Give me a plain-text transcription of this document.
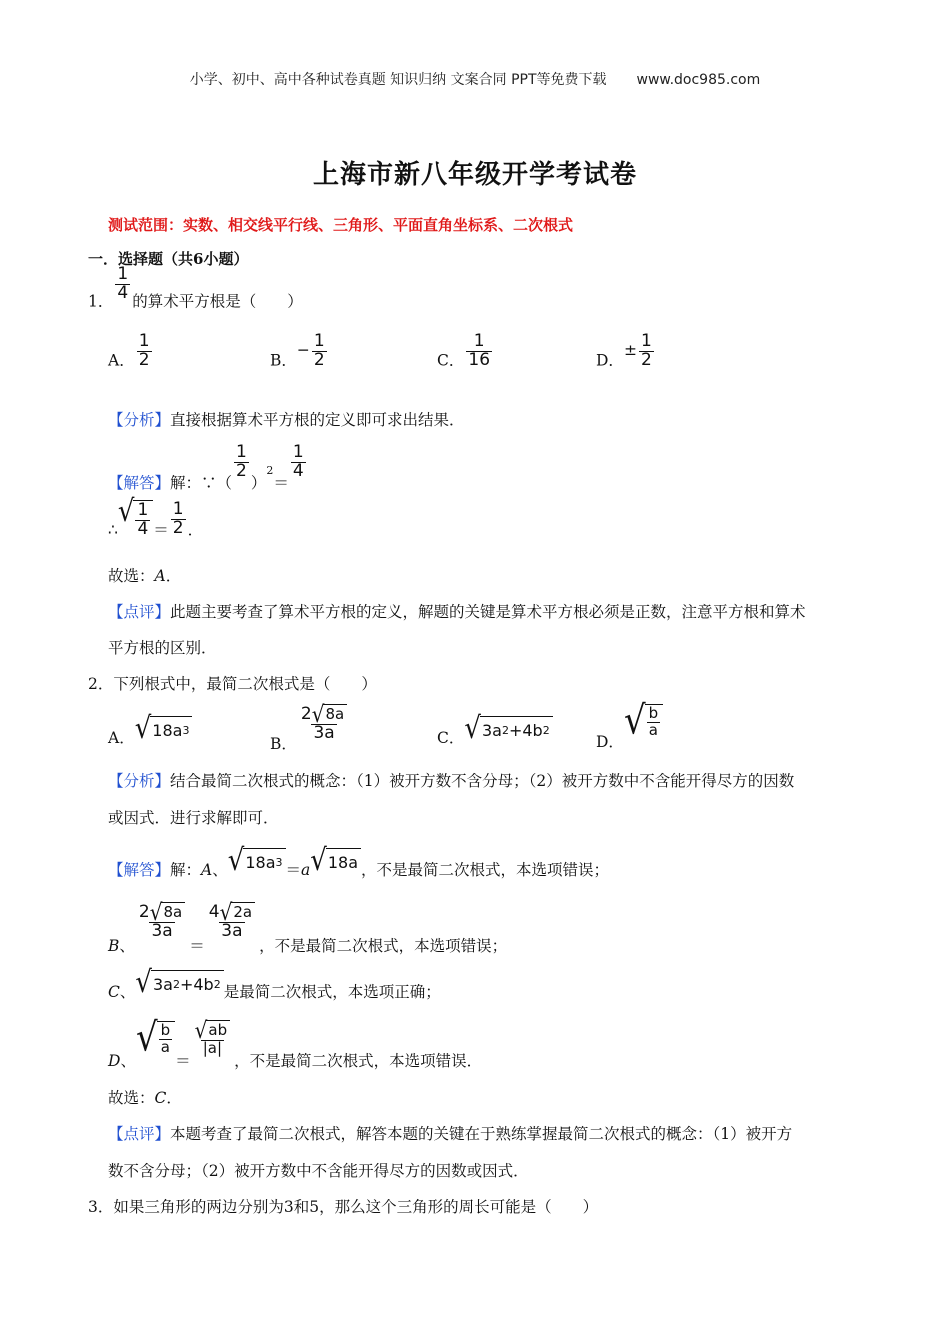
小学、初中、高中各种试卷真题 知识归纳 文案合同 PPT等免费下载 www.doc985.com
上海市新八年级开学考试卷
测试范围：实数、相交线平行线、三角形、平面直角坐标系、二次根式
一．选择题（共6小题）
1． $\frac{1}{4}$ 的算术平方根是（　　）
A． $\frac{1}{2}$	B．− $\frac{1}{2}$	C． $\frac{1}{16}$	D．± $\frac{1}{2}$
【分析】直接根据算术平方根的定义即可求出结果．
【解答】解：∵（
$\frac{1}{2}$
）2＝
$\frac{1}{4}$
∴
√ $\frac{1}{4} = \frac{1}{2}$ ．
故选：A．
【点评】此题主要考查了算术平方根的定义，解题的关键是算术平方根必须是正数，注意平方根和算术
平方根的区别．
2．下列根式中，最简二次根式是（　　）
A． √ 18a 3
B．
$\frac{2 √ 8a}{3a}$	C． √ 3a 2 +4b 2
D． √ $\frac{b}{a}$
【分析】结合最简二次根式的概念：（1）被开方数不含分母；（2）被开方数中不含能开得尽方的因数
或因式．进行求解即可．
【解答】解：A、 √ 18a 3 ＝a √ 18a ，不是最简二次根式，本选项错误；
B、
$\frac{2 √ 8a}{3a}$
＝
$\frac{4 √ 2a}{3a}$
，不是最简二次根式，本选项错误；
C、 √ 3a 2 +4b 2 是最简二次根式，本选项正确；
D、
√ $\frac{b}{a}$
＝
$\frac{√ ab}{|a|}$
，不是最简二次根式，本选项错误．
故选：C．
【点评】本题考查了最简二次根式，解答本题的关键在于熟练掌握最简二次根式的概念：（1）被开方
数不含分母；（2）被开方数中不含能开得尽方的因数或因式．
3．如果三角形的两边分别为3和5，那么这个三角形的周长可能是（　　）
